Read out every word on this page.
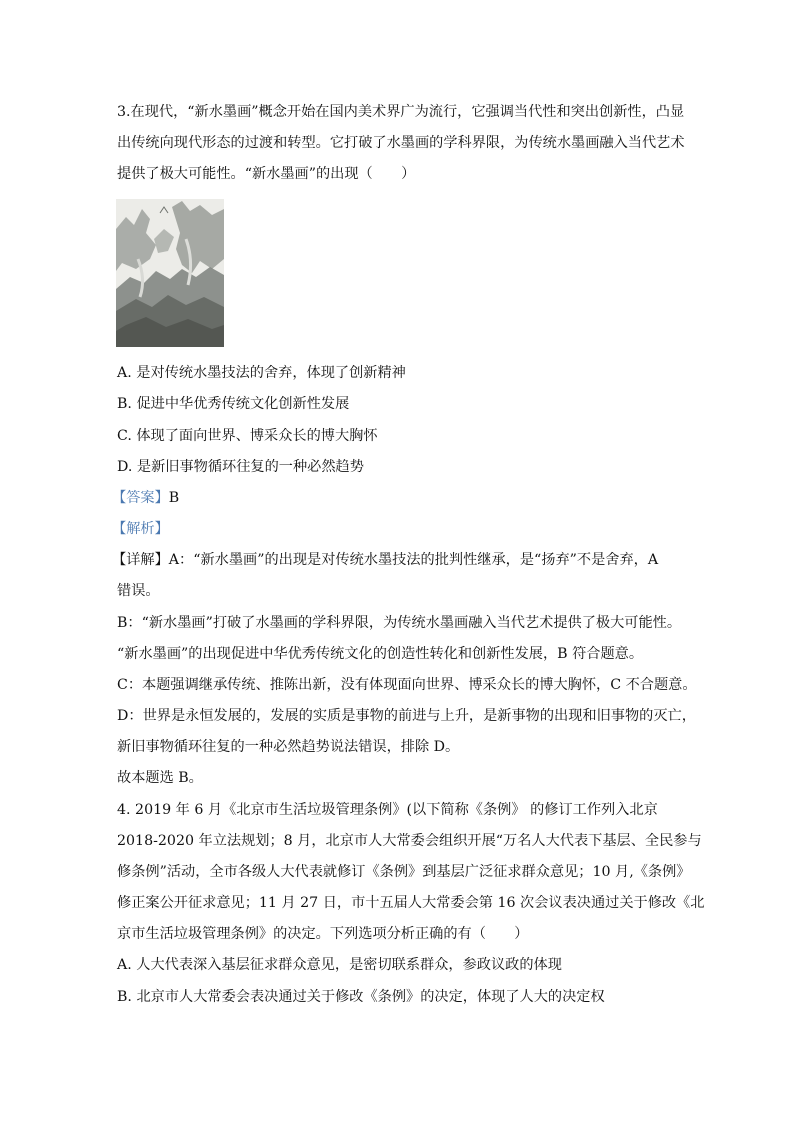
3.在现代，“新水墨画”概念开始在国内美术界广为流行，它强调当代性和突出创新性，凸显
出传统向现代形态的过渡和转型。它打破了水墨画的学科界限，为传统水墨画融入当代艺术
提供了极大可能性。“新水墨画”的出现（　　）
A. 是对传统水墨技法的舍弃，体现了创新精神
B. 促进中华优秀传统文化创新性发展
C. 体现了面向世界、博采众长的博大胸怀
D. 是新旧事物循环往复的一种必然趋势
【答案】B
【解析】
【详解】A：“新水墨画”的出现是对传统水墨技法的批判性继承，是“扬弃”不是舍弃，A
错误。
B：“新水墨画”打破了水墨画的学科界限，为传统水墨画融入当代艺术提供了极大可能性。
“新水墨画”的出现促进中华优秀传统文化的创造性转化和创新性发展，B 符合题意。
C：本题强调继承传统、推陈出新，没有体现面向世界、博采众长的博大胸怀，C 不合题意。
D：世界是永恒发展的，发展的实质是事物的前进与上升，是新事物的出现和旧事物的灭亡，
新旧事物循环往复的一种必然趋势说法错误，排除 D。
故本题选 B。
4. 2019 年 6 月《北京市生活垃圾管理条例》(以下简称《条例》 的修订工作列入北京
2018-2020 年立法规划；8 月，北京市人大常委会组织开展“万名人大代表下基层、全民参与
修条例”活动，全市各级人大代表就修订《条例》到基层广泛征求群众意见；10 月,《条例》
修正案公开征求意见；11 月 27 日，市十五届人大常委会第 16 次会议表决通过关于修改《北
京市生活垃圾管理条例》的决定。下列选项分析正确的有（　　）
A. 人大代表深入基层征求群众意见，是密切联系群众，参政议政的体现
B. 北京市人大常委会表决通过关于修改《条例》的决定，体现了人大的决定权
